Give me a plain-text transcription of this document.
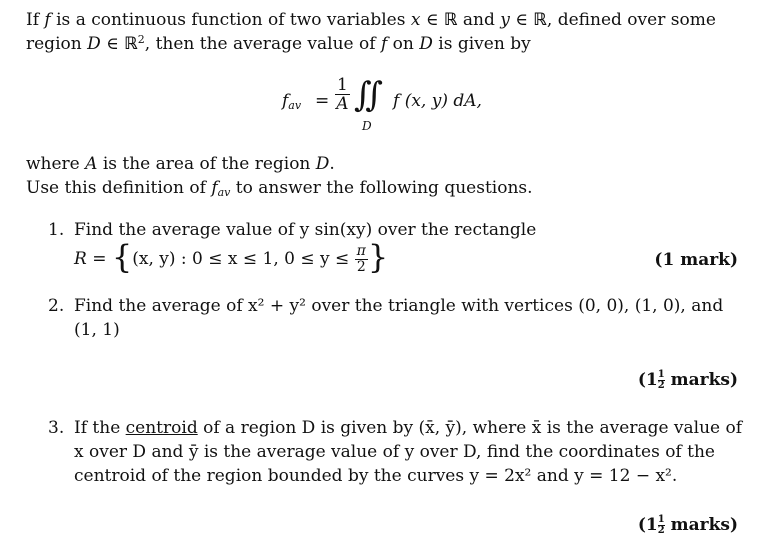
If f is a continuous function of two variables x ∈ ℝ and y ∈ ℝ, defined over some
region D ∈ ℝ$^2$, then the average value of f on D is given by
$f_{av} = \frac{1}{A}$ ∬
D
f (x, y) dA,
where A is the area of the region D.
Use this definition of $f_{av}$ to answer the following questions.
1. Find the average value of y sin(xy) over the rectangle
R = {(x, y) : 0 ≤ x ≤ 1, $0 \le y \le \frac{\pi}{2}$ }	(1 mark)
2. Find the average of x² + y² over the triangle with vertices (0, 0), (1, 0), and
(1, 1)
($1 \frac{1}{2}$ marks)
3. If the centroid of a region D is given by (x̄, ȳ), where x̄ is the average value of
x over D and ȳ is the average value of y over D, find the coordinates of the
centroid of the region bounded by the curves y = 2x² and y = 12 − x².
($1 \frac{1}{2}$ marks)
